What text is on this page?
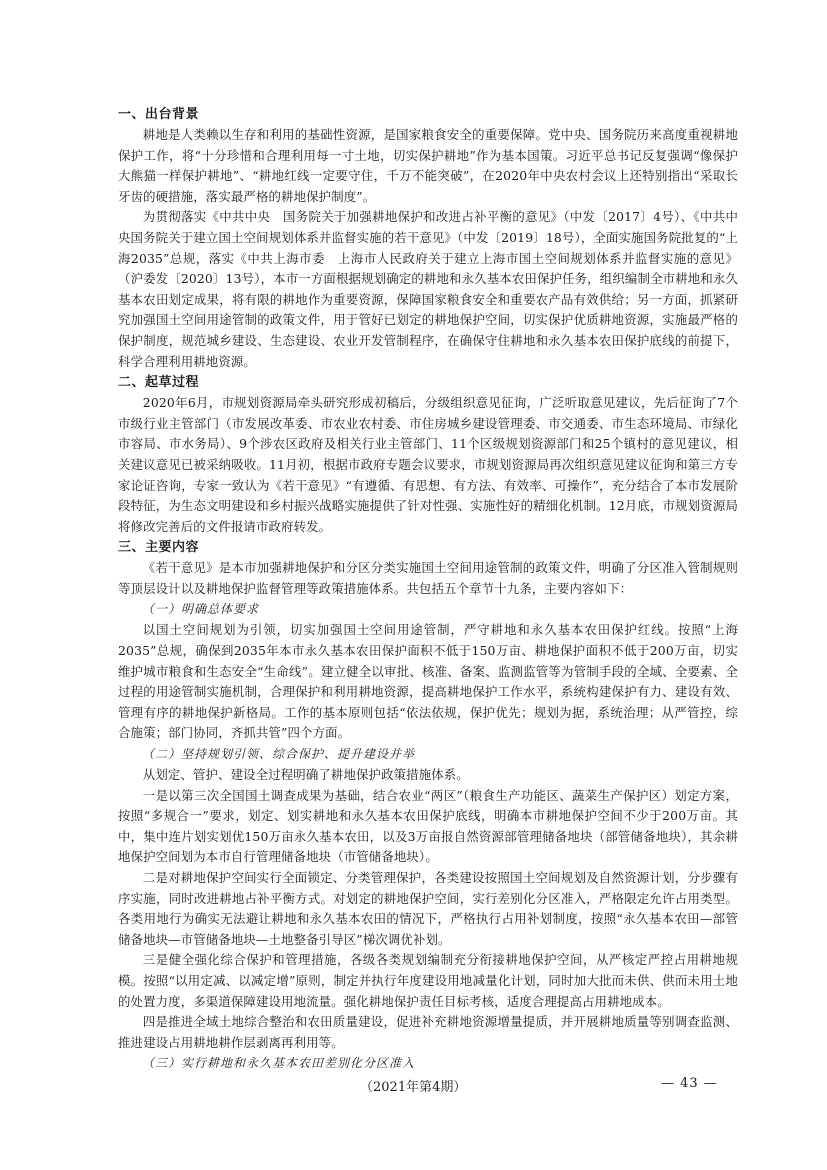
一、出台背景

耕地是人类赖以生存和利用的基础性资源，是国家粮食安全的重要保障。党中央、国务院历来高度重视耕地保护工作，将“十分珍惜和合理利用每一寸土地，切实保护耕地”作为基本国策。习近平总书记反复强调“像保护大熊猫一样保护耕地”、“耕地红线一定要守住，千万不能突破”，在2020年中央农村会议上还特别指出“采取长牙齿的硬措施，落实最严格的耕地保护制度”。

为贯彻落实《中共中央　国务院关于加强耕地保护和改进占补平衡的意见》（中发〔2017〕4号）、《中共中央国务院关于建立国土空间规划体系并监督实施的若干意见》（中发〔2019〕18号），全面实施国务院批复的“上海2035”总规，落实《中共上海市委　上海市人民政府关于建立上海市国土空间规划体系并监督实施的意见》（沪委发〔2020〕13号），本市一方面根据规划确定的耕地和永久基本农田保护任务，组织编制全市耕地和永久基本农田划定成果，将有限的耕地作为重要资源，保障国家粮食安全和重要农产品有效供给；另一方面，抓紧研究加强国土空间用途管制的政策文件，用于管好已划定的耕地保护空间，切实保护优质耕地资源，实施最严格的保护制度，规范城乡建设、生态建设、农业开发管制程序，在确保守住耕地和永久基本农田保护底线的前提下，科学合理利用耕地资源。

二、起草过程

2020年6月，市规划资源局牵头研究形成初稿后，分级组织意见征询，广泛听取意见建议，先后征询了7个市级行业主管部门（市发展改革委、市农业农村委、市住房城乡建设管理委、市交通委、市生态环境局、市绿化市容局、市水务局）、9个涉农区政府及相关行业主管部门、11个区级规划资源部门和25个镇村的意见建议，相关建议意见已被采纳吸收。11月初，根据市政府专题会议要求，市规划资源局再次组织意见建议征询和第三方专家论证咨询，专家一致认为《若干意见》“有遵循、有思想、有方法、有效率、可操作”，充分结合了本市发展阶段特征，为生态文明建设和乡村振兴战略实施提供了针对性强、实施性好的精细化机制。12月底，市规划资源局将修改完善后的文件报请市政府转发。

三、主要内容

《若干意见》是本市加强耕地保护和分区分类实施国土空间用途管制的政策文件，明确了分区准入管制规则等顶层设计以及耕地保护监督管理等政策措施体系。共包括五个章节十九条，主要内容如下：

（一）明确总体要求

以国土空间规划为引领，切实加强国土空间用途管制，严守耕地和永久基本农田保护红线。按照“上海2035”总规，确保到2035年本市永久基本农田保护面积不低于150万亩、耕地保护面积不低于200万亩，切实维护城市粮食和生态安全“生命线”。建立健全以审批、核准、备案、监测监管等为管制手段的全域、全要素、全过程的用途管制实施机制，合理保护和利用耕地资源，提高耕地保护工作水平，系统构建保护有力、建设有效、管理有序的耕地保护新格局。工作的基本原则包括“依法依规，保护优先；规划为据，系统治理；从严管控，综合施策；部门协同，齐抓共管”四个方面。

（二）坚持规划引领、综合保护、提升建设并举

从划定、管护、建设全过程明确了耕地保护政策措施体系。

一是以第三次全国国土调查成果为基础，结合农业“两区”（粮食生产功能区、蔬菜生产保护区）划定方案，按照“多规合一”要求，划定、划实耕地和永久基本农田保护底线，明确本市耕地保护空间不少于200万亩。其中，集中连片划实划优150万亩永久基本农田，以及3万亩报自然资源部管理储备地块（部管储备地块），其余耕地保护空间划为本市自行管理储备地块（市管储备地块）。

二是对耕地保护空间实行全面锁定、分类管理保护，各类建设按照国土空间规划及自然资源计划，分步骤有序实施，同时改进耕地占补平衡方式。对划定的耕地保护空间，实行差别化分区准入，严格限定允许占用类型。各类用地行为确实无法避让耕地和永久基本农田的情况下，严格执行占用补划制度，按照“永久基本农田—部管储备地块—市管储备地块—土地整备引导区”梯次调优补划。

三是健全强化综合保护和管理措施，各级各类规划编制充分衔接耕地保护空间，从严核定严控占用耕地规模。按照“以用定减、以减定增”原则，制定并执行年度建设用地减量化计划，同时加大批而未供、供而未用土地的处置力度，多渠道保障建设用地流量。强化耕地保护责任目标考核，适度合理提高占用耕地成本。

四是推进全域土地综合整治和农田质量建设，促进补充耕地资源增量提质，并开展耕地质量等别调查监测、推进建设占用耕地耕作层剥离再利用等。

（三）实行耕地和永久基本农田差别化分区准入

（2021年第4期）	— 43 —
